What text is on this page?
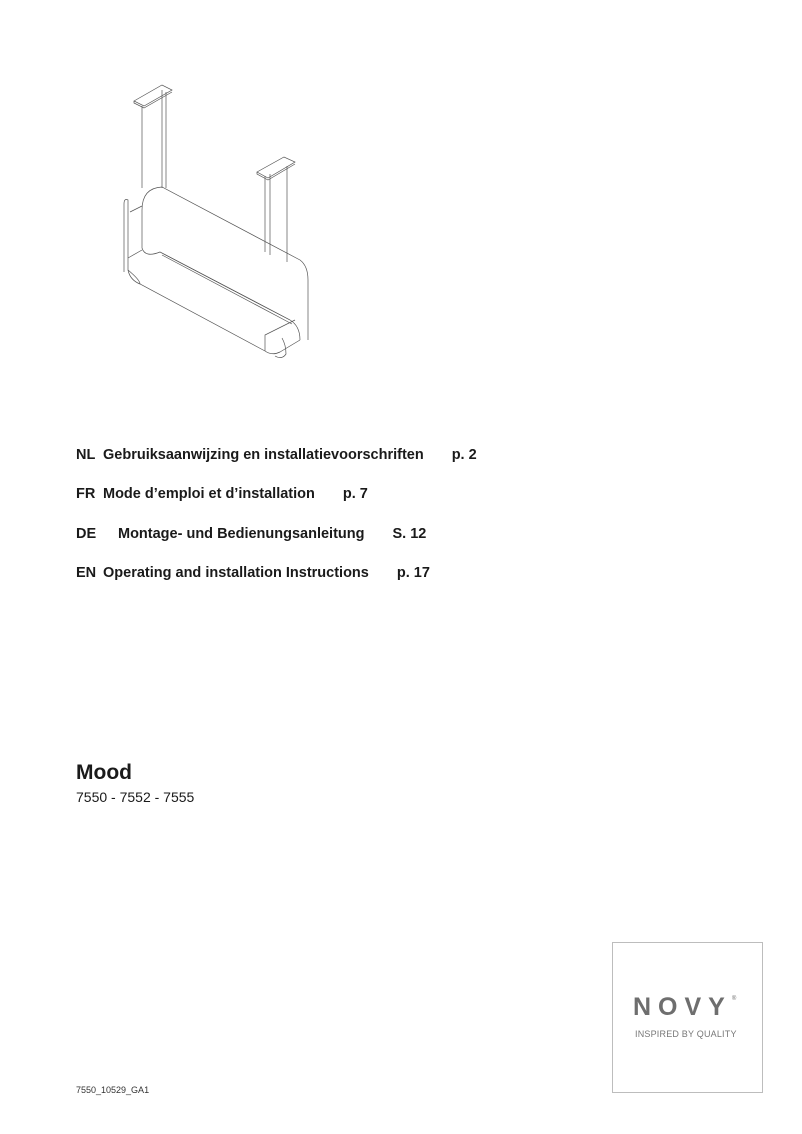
NL Gebruiksaanwijzing en installatievoorschriften p. 2
FR Mode d’emploi et d’installation p. 7
DE	Montage- und Bedienungsanleitung S. 12
EN Operating and installation Instructions p. 17
Mood
7550 - 7552 - 7555
NOVY ®
INSPIRED BY QUALITY
7550_10529_GA1
